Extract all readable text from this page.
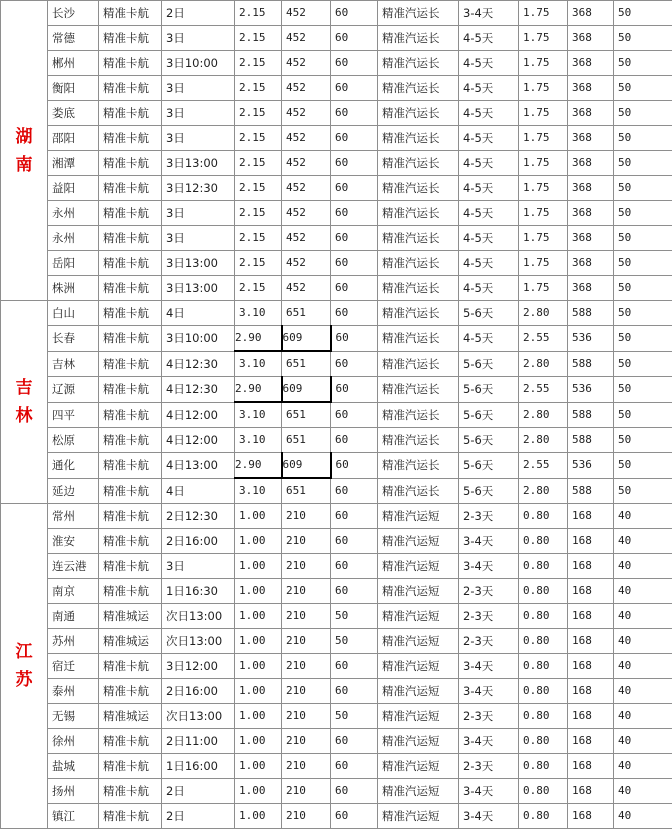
湖南	长沙	精准卡航	2日	2.15	452	60	精准汽运长	3-4天	1.75	368	50
	常德	精准卡航	3日	2.15	452	60	精准汽运长	4-5天	1.75	368	50
	郴州	精准卡航	3日10:00	2.15	452	60	精准汽运长	4-5天	1.75	368	50
	衡阳	精准卡航	3日	2.15	452	60	精准汽运长	4-5天	1.75	368	50
	娄底	精准卡航	3日	2.15	452	60	精准汽运长	4-5天	1.75	368	50
	邵阳	精准卡航	3日	2.15	452	60	精准汽运长	4-5天	1.75	368	50
	湘潭	精准卡航	3日13:00	2.15	452	60	精准汽运长	4-5天	1.75	368	50
	益阳	精准卡航	3日12:30	2.15	452	60	精准汽运长	4-5天	1.75	368	50
	永州	精准卡航	3日	2.15	452	60	精准汽运长	4-5天	1.75	368	50
	永州	精准卡航	3日	2.15	452	60	精准汽运长	4-5天	1.75	368	50
	岳阳	精准卡航	3日13:00	2.15	452	60	精准汽运长	4-5天	1.75	368	50
	株洲	精准卡航	3日13:00	2.15	452	60	精准汽运长	4-5天	1.75	368	50
吉林	白山	精准卡航	4日	3.10	651	60	精准汽运长	5-6天	2.80	588	50
	长春	精准卡航	3日10:00	2.90	609	60	精准汽运长	4-5天	2.55	536	50
	吉林	精准卡航	4日12:30	3.10	651	60	精准汽运长	5-6天	2.80	588	50
	辽源	精准卡航	4日12:30	2.90	609	60	精准汽运长	5-6天	2.55	536	50
	四平	精准卡航	4日12:00	3.10	651	60	精准汽运长	5-6天	2.80	588	50
	松原	精准卡航	4日12:00	3.10	651	60	精准汽运长	5-6天	2.80	588	50
	通化	精准卡航	4日13:00	2.90	609	60	精准汽运长	5-6天	2.55	536	50
	延边	精准卡航	4日	3.10	651	60	精准汽运长	5-6天	2.80	588	50
江苏	常州	精准卡航	2日12:30	1.00	210	60	精准汽运短	2-3天	0.80	168	40
	淮安	精准卡航	2日16:00	1.00	210	60	精准汽运短	3-4天	0.80	168	40
	连云港	精准卡航	3日	1.00	210	60	精准汽运短	3-4天	0.80	168	40
	南京	精准卡航	1日16:30	1.00	210	60	精准汽运短	2-3天	0.80	168	40
	南通	精准城运	次日13:00	1.00	210	50	精准汽运短	2-3天	0.80	168	40
	苏州	精准城运	次日13:00	1.00	210	50	精准汽运短	2-3天	0.80	168	40
	宿迁	精准卡航	3日12:00	1.00	210	60	精准汽运短	3-4天	0.80	168	40
	泰州	精准卡航	2日16:00	1.00	210	60	精准汽运短	3-4天	0.80	168	40
	无锡	精准城运	次日13:00	1.00	210	50	精准汽运短	2-3天	0.80	168	40
	徐州	精准卡航	2日11:00	1.00	210	60	精准汽运短	3-4天	0.80	168	40
	盐城	精准卡航	1日16:00	1.00	210	60	精准汽运短	2-3天	0.80	168	40
	扬州	精准卡航	2日	1.00	210	60	精准汽运短	3-4天	0.80	168	40
	镇江	精准卡航	2日	1.00	210	60	精准汽运短	3-4天	0.80	168	40
